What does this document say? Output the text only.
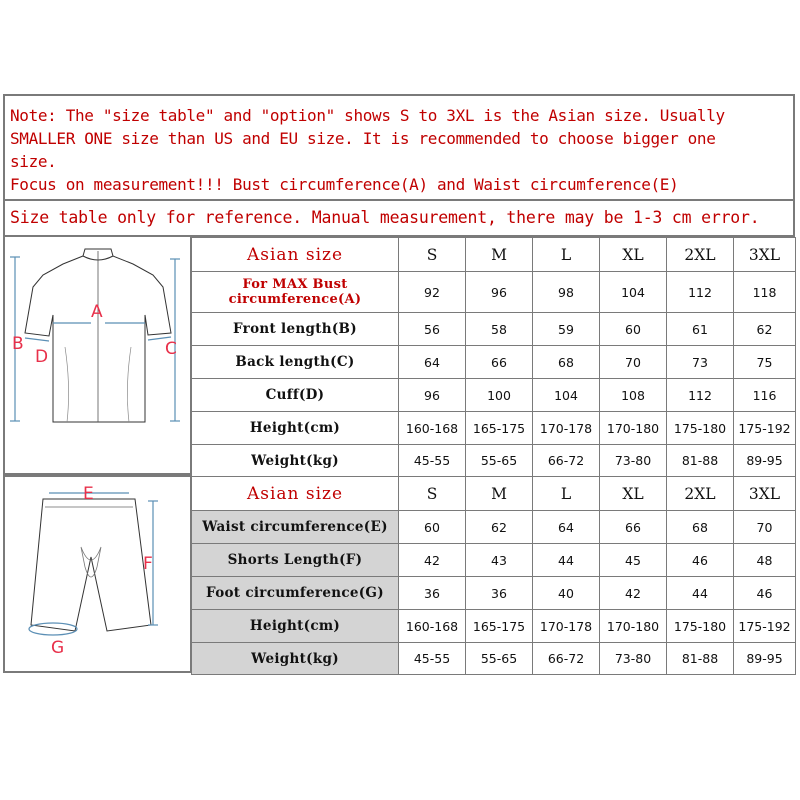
Note: The "size table" and "option" shows S to 3XL is the Asian size. Usually
SMALLER ONE size than US and EU size. It is recommended to choose bigger one
size.
Focus on measurement!!! Bust circumference(A) and Waist circumference(E)
Size table only for reference. Manual measurement, there may be 1-3 cm error.
A
B	C
D
E
F
G
Asian size	S	M	L	XL	2XL	3XL
For MAX Bust circumference(A)	92	96	98	104	112	118
Front length(B)	56	58	59	60	61	62
Back length(C)	64	66	68	70	73	75
Cuff(D)	96	100	104	108	112	116
Height(cm)	160-168	165-175	170-178	170-180	175-180	175-192
Weight(kg)	45-55	55-65	66-72	73-80	81-88	89-95
Asian size	S	M	L	XL	2XL	3XL
Waist circumference(E)	60	62	64	66	68	70
Shorts Length(F)	42	43	44	45	46	48
Foot circumference(G)	36	36	40	42	44	46
Height(cm)	160-168	165-175	170-178	170-180	175-180	175-192
Weight(kg)	45-55	55-65	66-72	73-80	81-88	89-95
